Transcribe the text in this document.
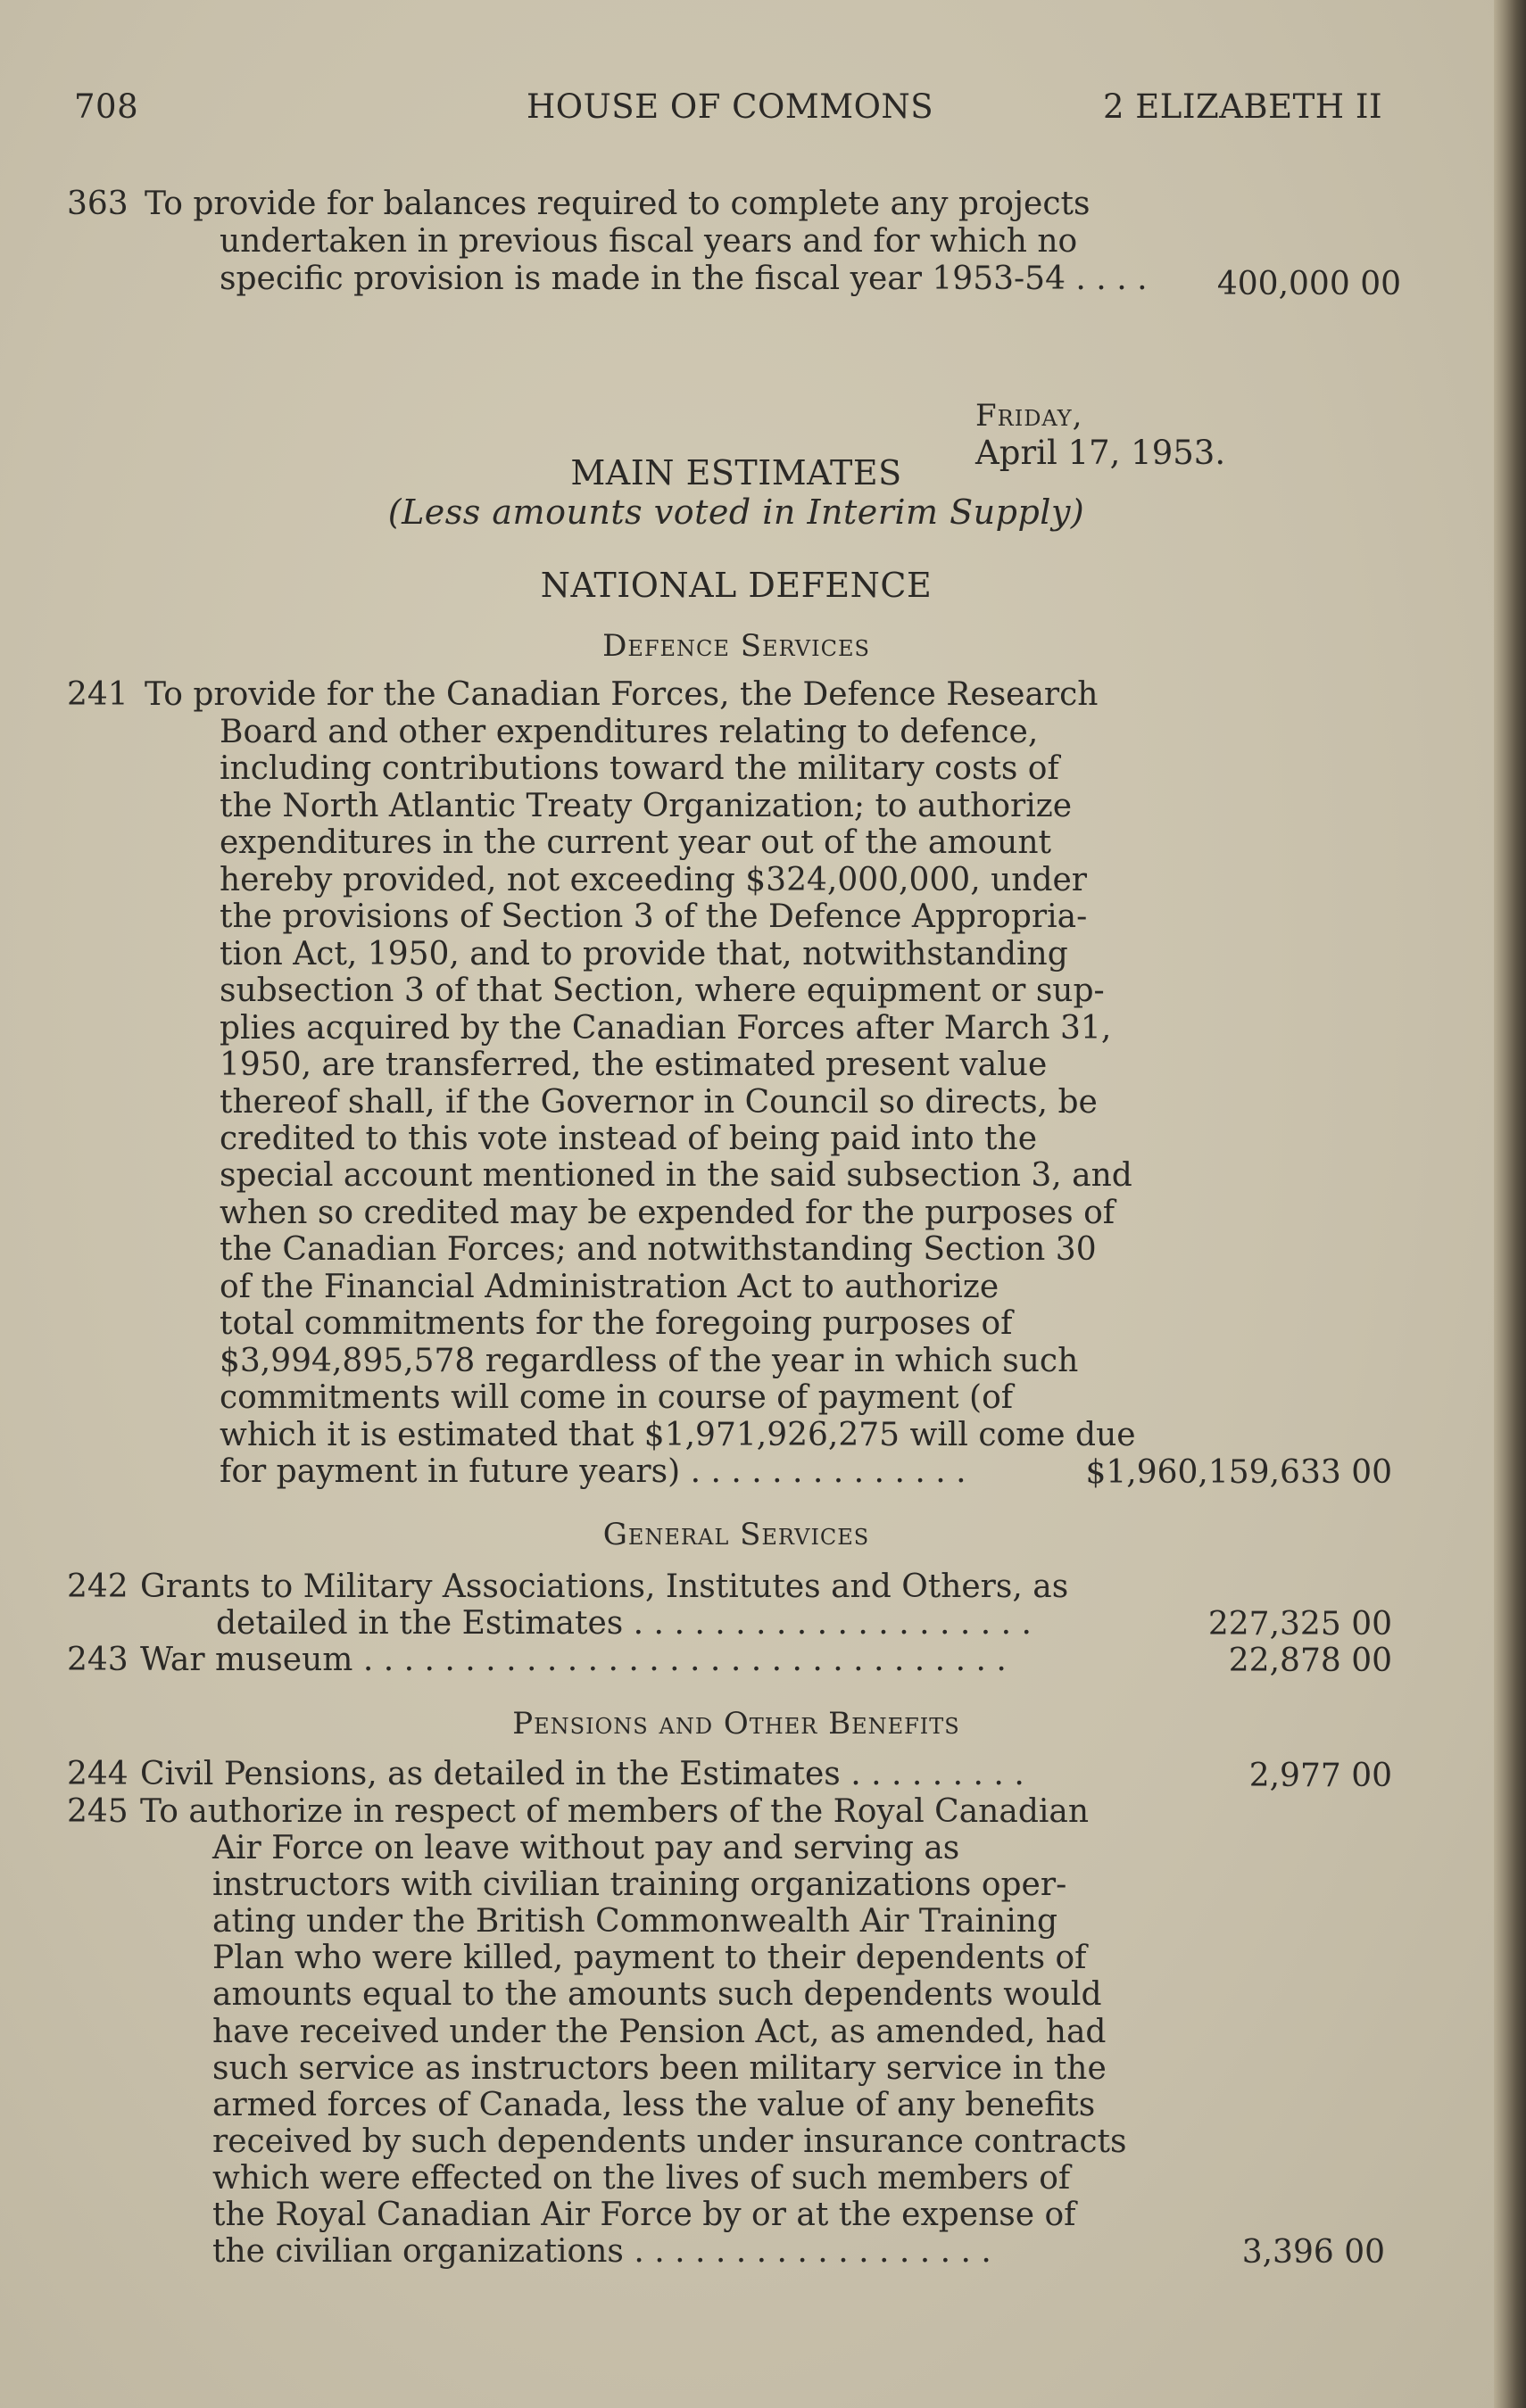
708	HOUSE OF COMMONS	2 ELIZABETH II
363 To provide for balances required to complete any projects
undertaken in previous fiscal years and for which no
specific provision is made in the fiscal year 1953-54 . . . .	400,000 00

Friday,
April 17, 1953.

MAIN ESTIMATES
(Less amounts voted in Interim Supply)
NATIONAL DEFENCE
Defence Services
241 To provide for the Canadian Forces, the Defence Research
Board and other expenditures relating to defence,
including contributions toward the military costs of
the North Atlantic Treaty Organization; to authorize
expenditures in the current year out of the amount
hereby provided, not exceeding $324,000,000, under
the provisions of Section 3 of the Defence Appropria-
tion Act, 1950, and to provide that, notwithstanding
subsection 3 of that Section, where equipment or sup-
plies acquired by the Canadian Forces after March 31,
1950, are transferred, the estimated present value
thereof shall, if the Governor in Council so directs, be
credited to this vote instead of being paid into the
special account mentioned in the said subsection 3, and
when so credited may be expended for the purposes of
the Canadian Forces; and notwithstanding Section 30
of the Financial Administration Act to authorize
total commitments for the foregoing purposes of
$3,994,895,578 regardless of the year in which such
commitments will come in course of payment (of
which it is estimated that $1,971,926,275 will come due
for payment in future years) . . . . . . . . . . . . . .	$1,960,159,633 00
General Services
242 Grants to Military Associations, Institutes and Others, as
detailed in the Estimates . . . . . . . . . . . . . . . . . . . .	227,325 00
243 War museum . . . . . . . . . . . . . . . . . . . . . . . . . . . . . . . .	22,878 00
Pensions and Other Benefits
244 Civil Pensions, as detailed in the Estimates . . . . . . . . .	2,977 00
245 To authorize in respect of members of the Royal Canadian
Air Force on leave without pay and serving as
instructors with civilian training organizations oper-
ating under the British Commonwealth Air Training
Plan who were killed, payment to their dependents of
amounts equal to the amounts such dependents would
have received under the Pension Act, as amended, had
such service as instructors been military service in the
armed forces of Canada, less the value of any benefits
received by such dependents under insurance contracts
which were effected on the lives of such members of
the Royal Canadian Air Force by or at the expense of
the civilian organizations . . . . . . . . . . . . . . . . . .	3,396 00
